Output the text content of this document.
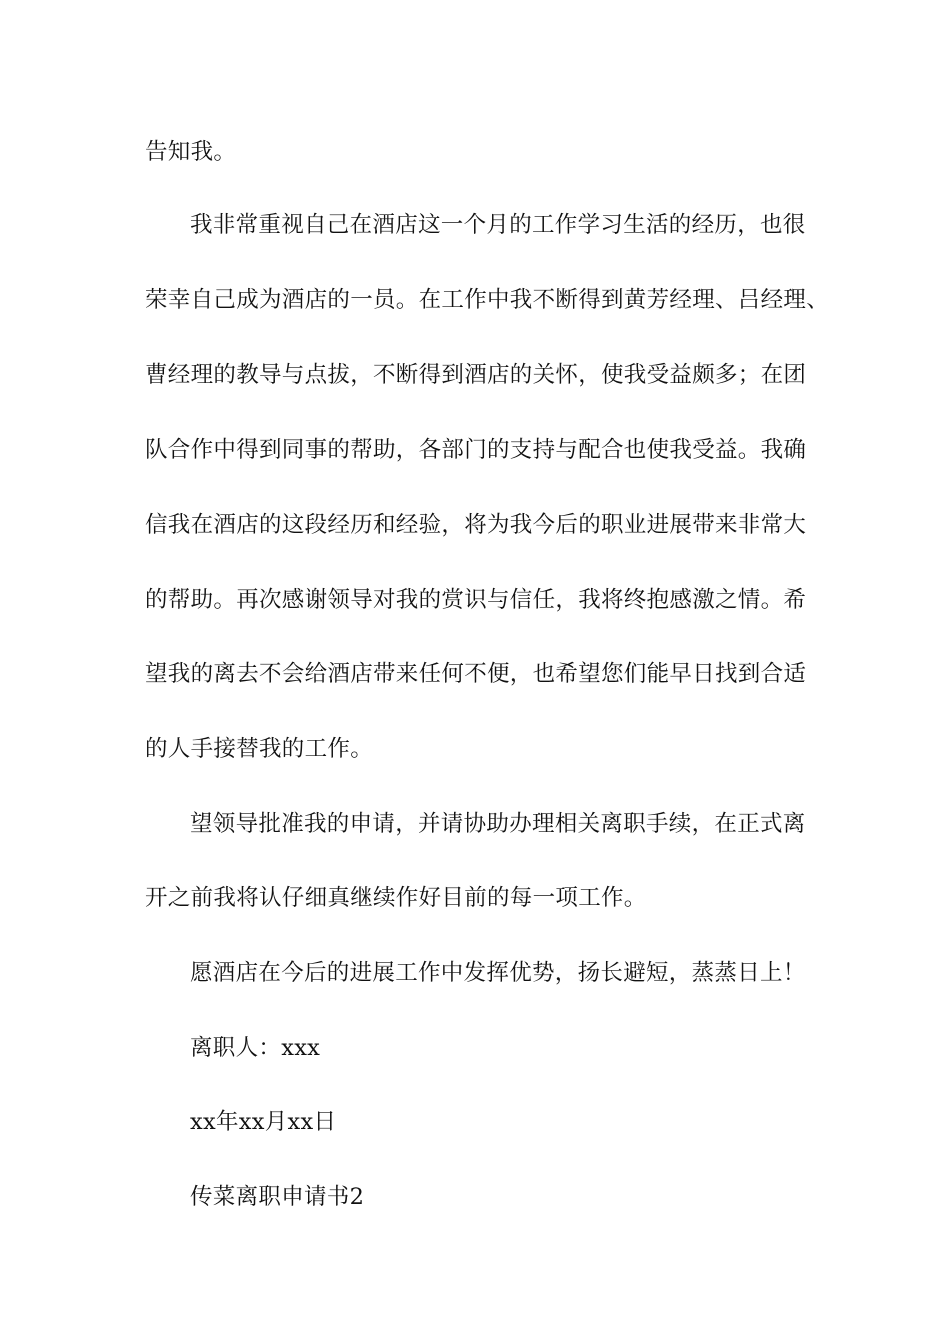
告知我。
我非常重视自己在酒店这一个月的工作学习生活的经历，也很
荣幸自己成为酒店的一员。在工作中我不断得到黄芳经理、吕经理、
曹经理的教导与点拔，不断得到酒店的关怀，使我受益颇多；在团
队合作中得到同事的帮助，各部门的支持与配合也使我受益。我确
信我在酒店的这段经历和经验，将为我今后的职业进展带来非常大
的帮助。再次感谢领导对我的赏识与信任，我将终抱感激之情。希
望我的离去不会给酒店带来任何不便，也希望您们能早日找到合适
的人手接替我的工作。
望领导批准我的申请，并请协助办理相关离职手续，在正式离
开之前我将认仔细真继续作好目前的每一项工作。
愿酒店在今后的进展工作中发挥优势，扬长避短，蒸蒸日上！
离职人：xxx
xx年xx月xx日
传菜离职申请书2
